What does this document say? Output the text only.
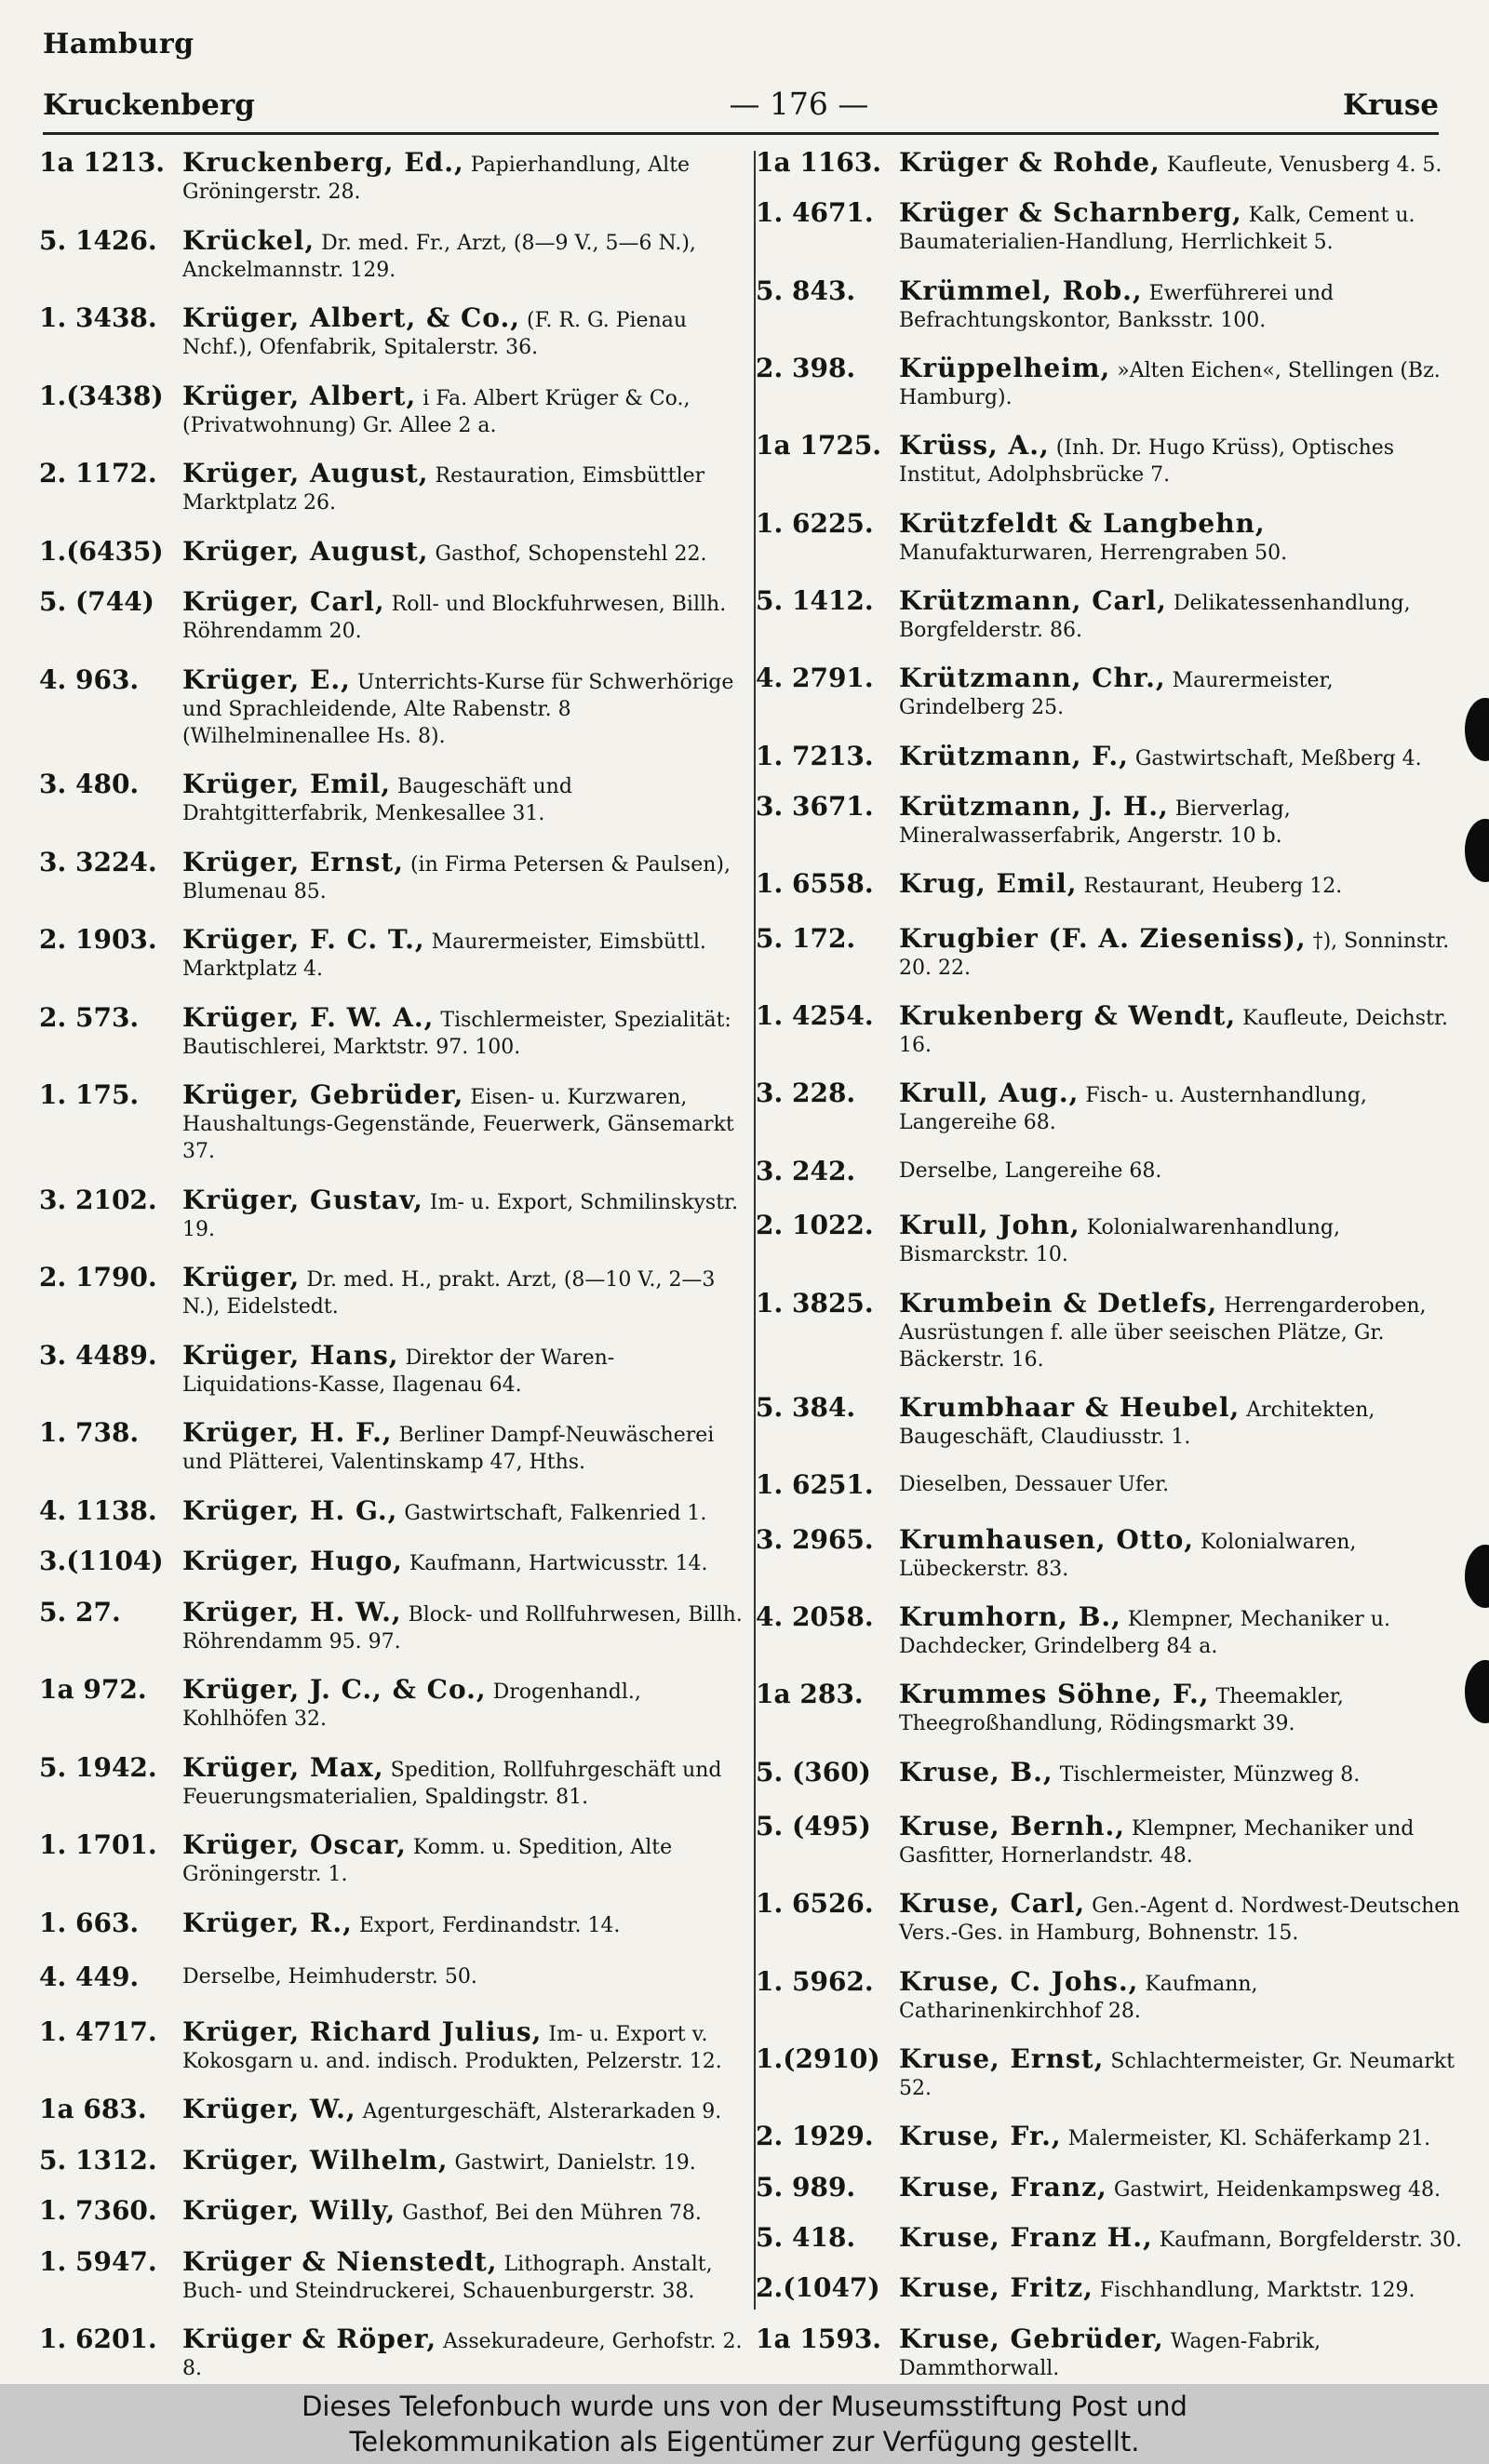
Hamburg
Kruckenberg	— 176 —	Kruse
1a 1213. Kruckenberg, Ed., Papierhandlung, Alte Gröningerstr. 28.
5. 1426. Krückel, Dr. med. Fr., Arzt, (8—9 V., 5—6 N.), Anckelmannstr. 129.
1. 3438. Krüger, Albert, & Co., (F. R. G. Pienau Nchf.), Ofenfabrik, Spitalerstr. 36.
1.(3438) Krüger, Albert, i Fa. Albert Krüger & Co., (Privatwohnung) Gr. Allee 2 a.
2. 1172. Krüger, August, Restauration, Eimsbüttler Marktplatz 26.
1.(6435) Krüger, August, Gasthof, Schopenstehl 22.
5. (744)	Krüger, Carl, Roll- und Blockfuhrwesen, Billh. Röhrendamm 20.
4. 963.	Krüger, E., Unterrichts-Kurse für Schwerhörige und Sprachleidende, Alte Rabenstr. 8 (Wilhelminenallee Hs. 8).
3. 480.	Krüger, Emil, Baugeschäft und Drahtgitterfabrik, Menkesallee 31.
3. 3224. Krüger, Ernst, (in Firma Petersen & Paulsen), Blumenau 85.
2. 1903. Krüger, F. C. T., Maurermeister, Eimsbüttl. Marktplatz 4.
2. 573.	Krüger, F. W. A., Tischlermeister, Spezialität: Bautischlerei, Marktstr. 97. 100.
1. 175.	Krüger, Gebrüder, Eisen- u. Kurzwaren, Haushaltungs-Gegenstände, Feuerwerk, Gänsemarkt 37.
3. 2102. Krüger, Gustav, Im- u. Export, Schmilinskystr. 19.
2. 1790. Krüger, Dr. med. H., prakt. Arzt, (8—10 V., 2—3 N.), Eidelstedt.
3. 4489. Krüger, Hans, Direktor der Waren-Liquidations-Kasse, Ilagenau 64.
1. 738.	Krüger, H. F., Berliner Dampf-Neuwäscherei und Plätterei, Valentinskamp 47, Hths.
4. 1138. Krüger, H. G., Gastwirtschaft, Falkenried 1.
3.(1104) Krüger, Hugo, Kaufmann, Hartwicusstr. 14.
5. 27.	Krüger, H. W., Block- und Rollfuhrwesen, Billh. Röhrendamm 95. 97.
1a 972.	Krüger, J. C., & Co., Drogenhandl., Kohlhöfen 32.
5. 1942. Krüger, Max, Spedition, Rollfuhrgeschäft und Feuerungsmaterialien, Spaldingstr. 81.
1. 1701. Krüger, Oscar, Komm. u. Spedition, Alte Gröningerstr. 1.
1. 663.	Krüger, R., Export, Ferdinandstr. 14.
4. 449.	Derselbe, Heimhuderstr. 50.
1. 4717. Krüger, Richard Julius, Im- u. Export v. Kokosgarn u. and. indisch. Produkten, Pelzerstr. 12.
1a 683.	Krüger, W., Agenturgeschäft, Alsterarkaden 9.
5. 1312. Krüger, Wilhelm, Gastwirt, Danielstr. 19.
1. 7360. Krüger, Willy, Gasthof, Bei den Mühren 78.
1. 5947. Krüger & Nienstedt, Lithograph. Anstalt, Buch- und Steindruckerei, Schauenburgerstr. 38.
1. 6201. Krüger & Röper, Assekuradeure, Gerhofstr. 2. 8.
1a 1163. Krüger & Rohde, Kaufleute, Venusberg 4. 5.
1. 4671. Krüger & Scharnberg, Kalk, Cement u. Baumaterialien-Handlung, Herrlichkeit 5.
5. 843.	Krümmel, Rob., Ewerführerei und Befrachtungskontor, Banksstr. 100.
2. 398.	Krüppelheim, »Alten Eichen«, Stellingen (Bz. Hamburg).
1a 1725. Krüss, A., (Inh. Dr. Hugo Krüss), Optisches Institut, Adolphsbrücke 7.
1. 6225. Krützfeldt & Langbehn, Manufakturwaren, Herrengraben 50.
5. 1412. Krützmann, Carl, Delikatessenhandlung, Borgfelderstr. 86.
4. 2791. Krützmann, Chr., Maurermeister, Grindelberg 25.
1. 7213. Krützmann, F., Gastwirtschaft, Meßberg 4.
3. 3671. Krützmann, J. H., Bierverlag, Mineralwasserfabrik, Angerstr. 10 b.
1. 6558. Krug, Emil, Restaurant, Heuberg 12.
5. 172.	Krugbier (F. A. Zieseniss), †), Sonninstr. 20. 22.
1. 4254. Krukenberg & Wendt, Kaufleute, Deichstr. 16.
3. 228.	Krull, Aug., Fisch- u. Austernhandlung, Langereihe 68.
3. 242.	Derselbe, Langereihe 68.
2. 1022. Krull, John, Kolonialwarenhandlung, Bismarckstr. 10.
1. 3825. Krumbein & Detlefs, Herrengarderoben, Ausrüstungen f. alle über seeischen Plätze, Gr. Bäckerstr. 16.
5. 384.	Krumbhaar & Heubel, Architekten, Baugeschäft, Claudiusstr. 1.
1. 6251.	Dieselben, Dessauer Ufer.
3. 2965. Krumhausen, Otto, Kolonialwaren, Lübeckerstr. 83.
4. 2058. Krumhorn, B., Klempner, Mechaniker u. Dachdecker, Grindelberg 84 a.
1a 283.	Krummes Söhne, F., Theemakler, Theegroßhandlung, Rödingsmarkt 39.
5. (360)	Kruse, B., Tischlermeister, Münzweg 8.
5. (495)	Kruse, Bernh., Klempner, Mechaniker und Gasfitter, Hornerlandstr. 48.
1. 6526. Kruse, Carl, Gen.-Agent d. Nordwest-Deutschen Vers.-Ges. in Hamburg, Bohnenstr. 15.
1. 5962. Kruse, C. Johs., Kaufmann, Catharinenkirchhof 28.
1.(2910) Kruse, Ernst, Schlachtermeister, Gr. Neumarkt 52.
2. 1929. Kruse, Fr., Malermeister, Kl. Schäferkamp 21.
5. 989.	Kruse, Franz, Gastwirt, Heidenkampsweg 48.
5. 418.	Kruse, Franz H., Kaufmann, Borgfelderstr. 30.
2.(1047) Kruse, Fritz, Fischhandlung, Marktstr. 129.
1a 1593. Kruse, Gebrüder, Wagen-Fabrik, Dammthorwall.
Dieses Telefonbuch wurde uns von der Museumsstiftung Post und
Telekommunikation als Eigentümer zur Verfügung gestellt.
